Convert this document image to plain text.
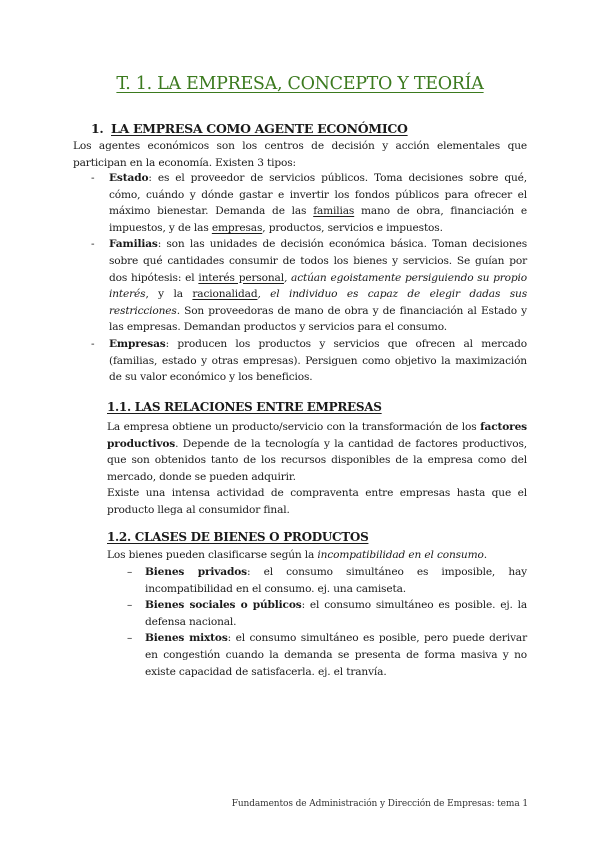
T. 1. LA EMPRESA, CONCEPTO Y TEORÍA
1. LA EMPRESA COMO AGENTE ECONÓMICO
Los agentes económicos son los centros de decisión y acción elementales que participan en la economía. Existen 3 tipos:
- Estado: es el proveedor de servicios públicos. Toma decisiones sobre qué, cómo, cuándo y dónde gastar e invertir los fondos públicos para ofrecer el máximo bienestar. Demanda de las familias mano de obra, financiación e impuestos, y de las empresas, productos, servicios e impuestos.
- Familias: son las unidades de decisión económica básica. Toman decisiones sobre qué cantidades consumir de todos los bienes y servicios. Se guían por dos hipótesis: el interés personal, actúan egoistamente persiguiendo su propio interés, y la racionalidad, el individuo es capaz de elegir dadas sus restricciones. Son proveedoras de mano de obra y de financiación al Estado y las empresas. Demandan productos y servicios para el consumo.
- Empresas: producen los productos y servicios que ofrecen al mercado (familias, estado y otras empresas). Persiguen como objetivo la maximización de su valor económico y los beneficios.
1.1. LAS RELACIONES ENTRE EMPRESAS
La empresa obtiene un producto/servicio con la transformación de los factores productivos. Depende de la tecnología y la cantidad de factores productivos, que son obtenidos tanto de los recursos disponibles de la empresa como del mercado, donde se pueden adquirir.
Existe una intensa actividad de compraventa entre empresas hasta que el producto llega al consumidor final.
1.2. CLASES DE BIENES O PRODUCTOS
Los bienes pueden clasificarse según la incompatibilidad en el consumo.
– Bienes privados: el consumo simultáneo es imposible, hay incompatibilidad en el consumo. ej. una camiseta.
– Bienes sociales o públicos: el consumo simultáneo es posible. ej. la defensa nacional.
– Bienes mixtos: el consumo simultáneo es posible, pero puede derivar en congestión cuando la demanda se presenta de forma masiva y no existe capacidad de satisfacerla. ej. el tranvía.
Fundamentos de Administración y Dirección de Empresas: tema 1
